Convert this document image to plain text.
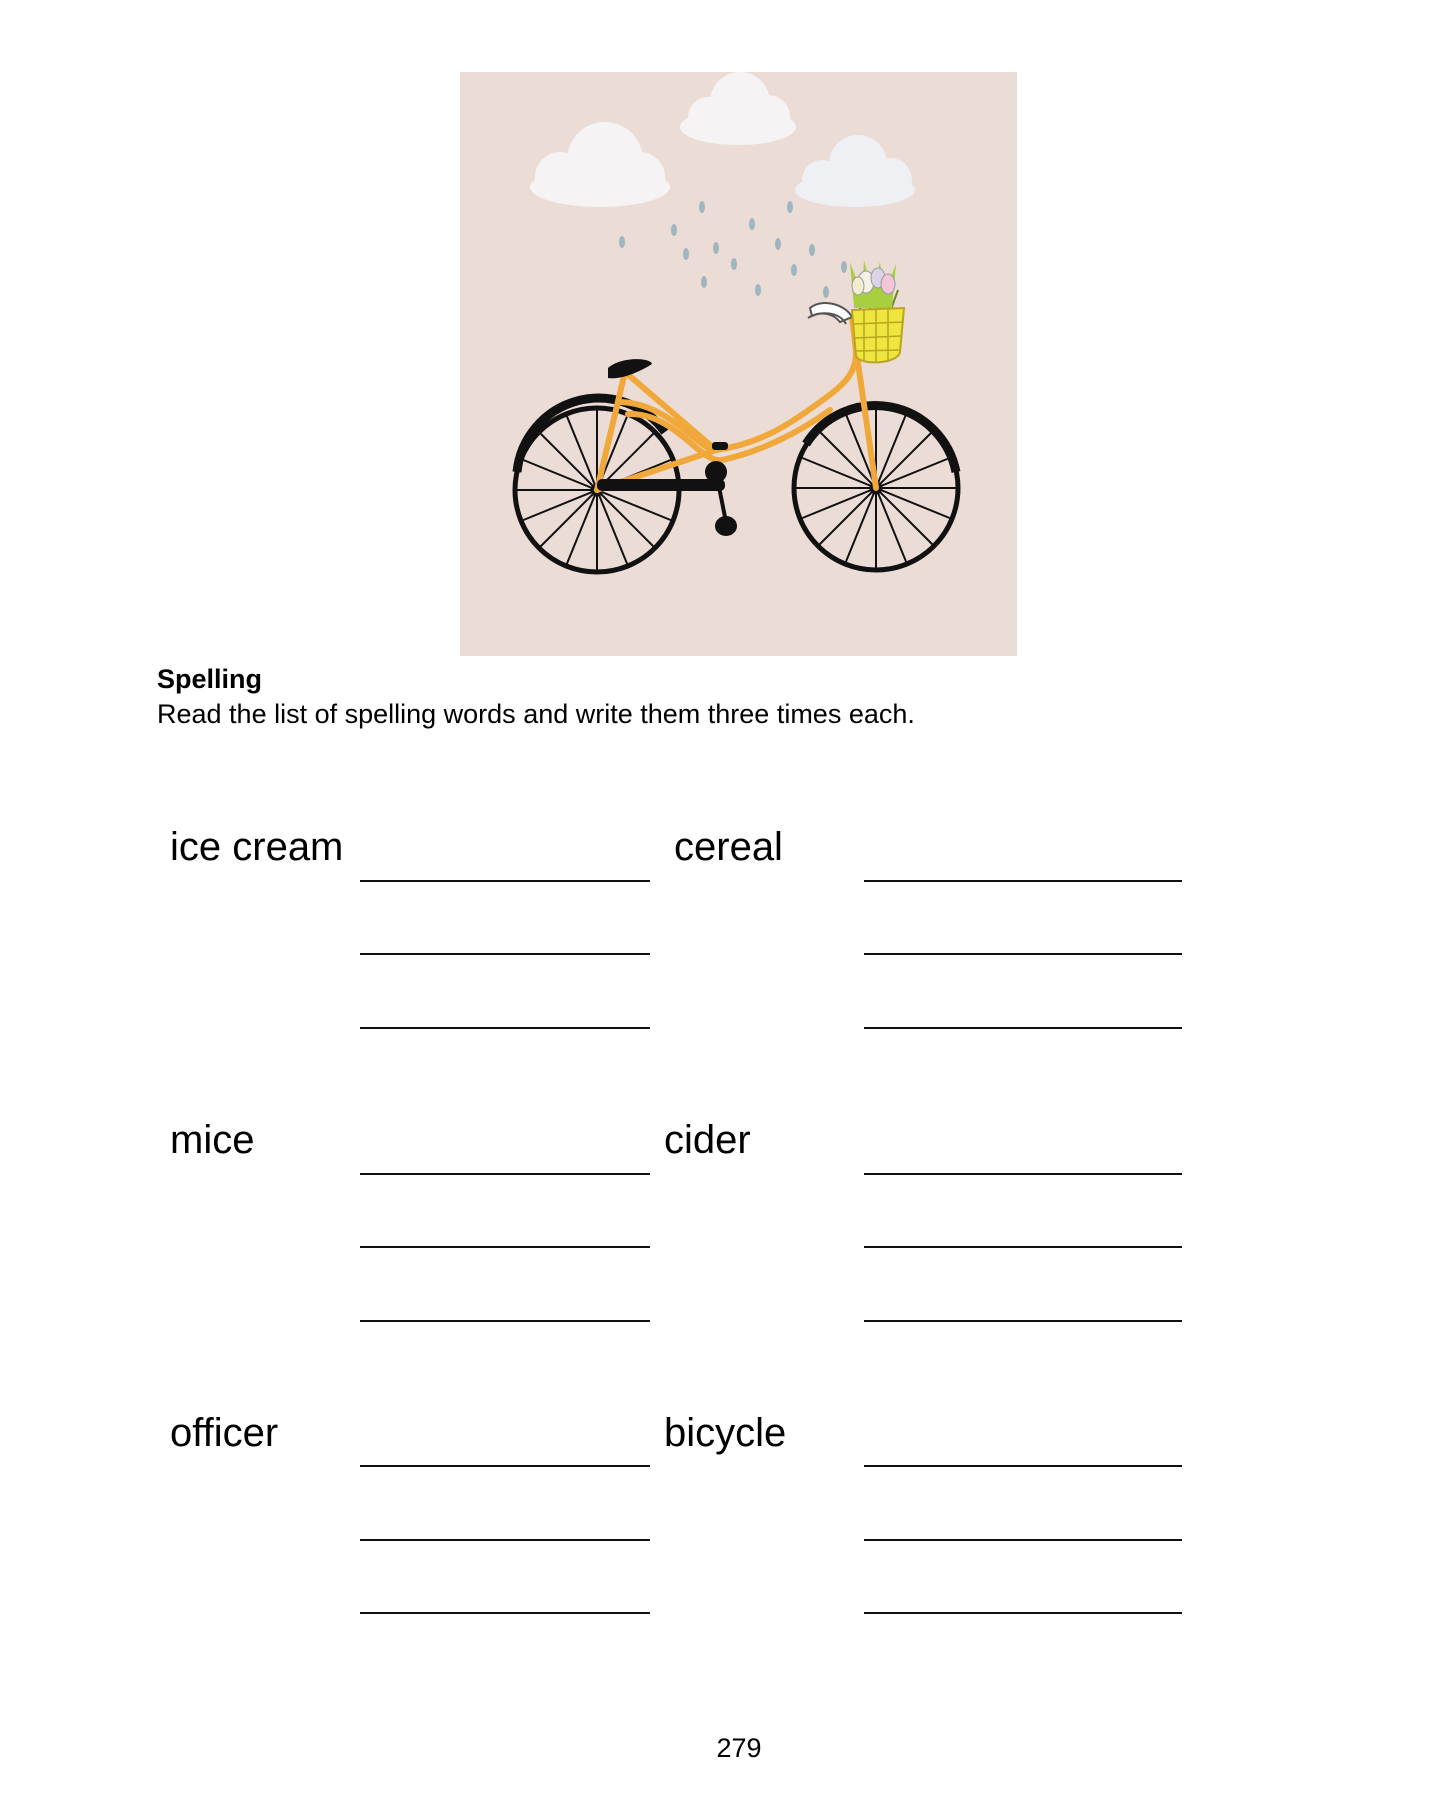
Spelling
Read the list of spelling words and write them three times each.
ice cream	cereal
mice	cider
officer	bicycle
279
